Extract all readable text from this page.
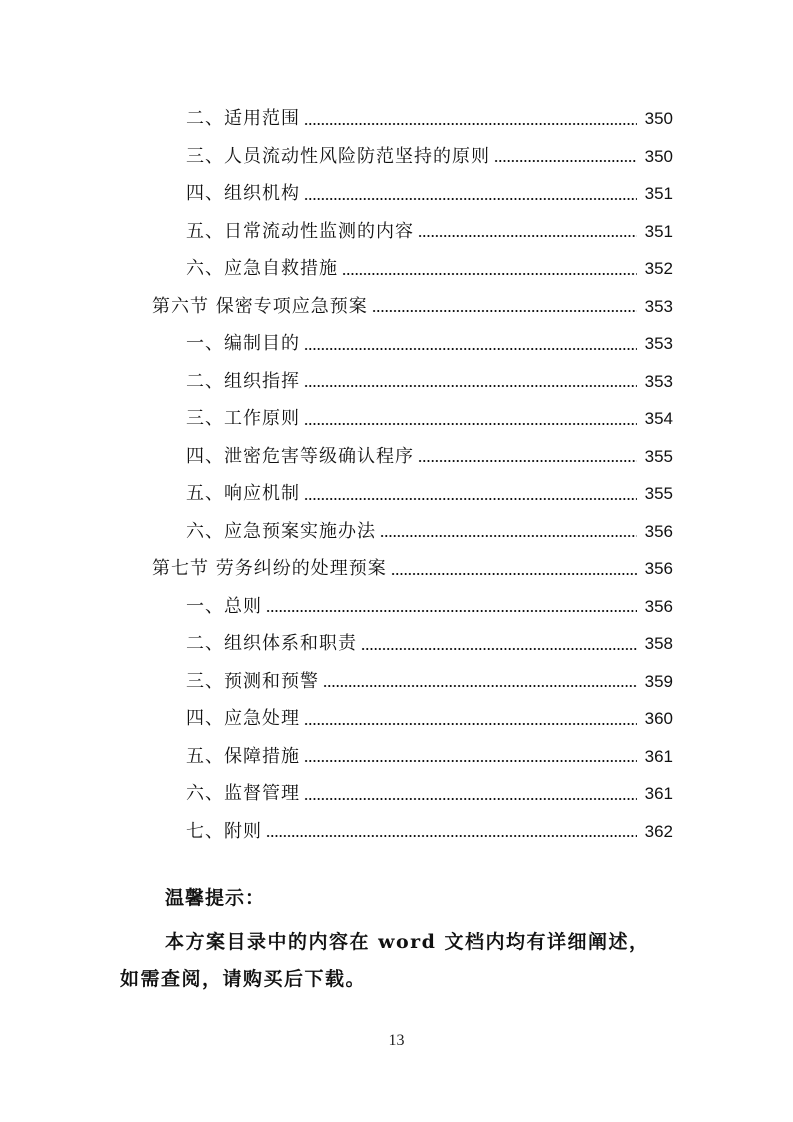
二、适用范围	350
三、人员流动性风险防范坚持的原则	350
四、组织机构	351
五、日常流动性监测的内容	351
六、应急自救措施	352
第六节 保密专项应急预案	353
一、编制目的	353
二、组织指挥	353
三、工作原则	354
四、泄密危害等级确认程序	355
五、响应机制	355
六、应急预案实施办法	356
第七节 劳务纠纷的处理预案	356
一、总则	356
二、组织体系和职责	358
三、预测和预警	359
四、应急处理	360
五、保障措施	361
六、监督管理	361
七、附则	362
温馨提示：
本方案目录中的内容在 word 文档内均有详细阐述，
如需查阅，请购买后下载。
13
